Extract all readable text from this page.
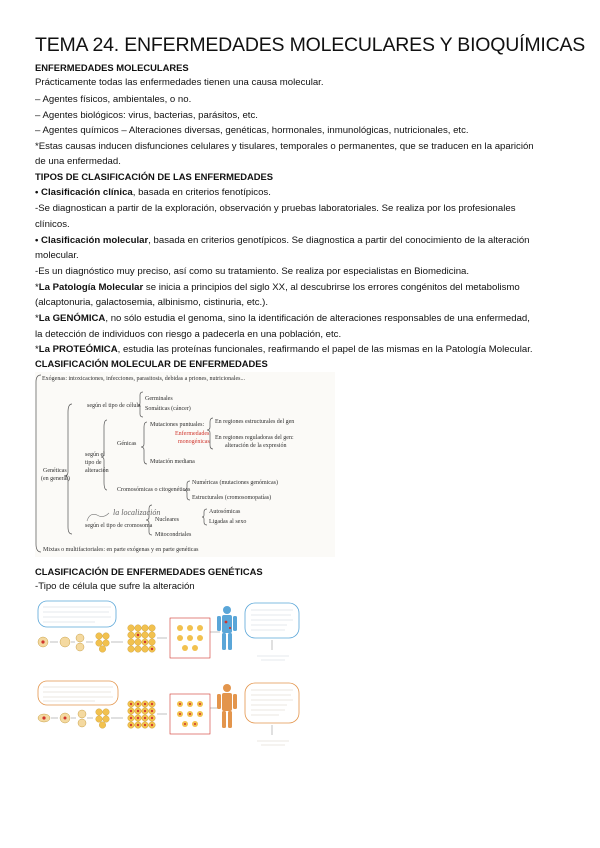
TEMA 24. ENFERMEDADES MOLECULARES Y BIOQUÍMICAS
ENFERMEDADES MOLECULARES
Prácticamente todas las enfermedades tienen una causa molecular.
– Agentes físicos, ambientales, o no.
– Agentes biológicos: virus, bacterias, parásitos, etc.
– Agentes químicos – Alteraciones diversas, genéticas, hormonales, inmunológicas, nutricionales, etc.
*Estas causas inducen disfunciones celulares y tisulares, temporales o permanentes, que se traducen en la aparición
de una enfermedad.
TIPOS DE CLASIFICACIÓN DE LAS ENFERMEDADES
• Clasificación clínica, basada en criterios fenotípicos.
-Se diagnostican a partir de la exploración, observación y pruebas laboratoriales. Se realiza por los profesionales
clínicos.
• Clasificación molecular, basada en criterios genotípicos. Se diagnostica a partir del conocimiento de la alteración
molecular.
-Es un diagnóstico muy preciso, así como su tratamiento. Se realiza por especialistas en Biomedicina.
*La Patología Molecular se inicia a principios del siglo XX, al descubrirse los errores congénitos del metabolismo
(alcaptonuria, galactosemia, albinismo, cistinuria, etc.).
*La GENÓMICA, no sólo estudia el genoma, sino la identificación de alteraciones responsables de una enfermedad,
la detección de individuos con riesgo a padecerla en una población, etc.
*La PROTEÓMICA, estudia las proteínas funcionales, reafirmando el papel de las mismas en la Patología Molecular.
CLASIFICACIÓN MOLECULAR DE ENFERMEDADES
Exógenas: intoxicaciones, infecciones, parasitosis, debidas a priones, nutricionales...
Genéticas
(en general)
según el tipo de célula
Germinales
Somáticas (cáncer)
según el
tipo de
alteración
Génicas
Mutaciones puntuales:
Enfermedades
monogénicas
En regiones estructurales del gen
En regiones reguladoras del gen:
alteración de la expresión
Mutación mediana
Cromosómicas o citogenéticas
Numéricas (mutaciones genómicas)
Estructurales (cromosomopatías)
la localización
según el tipo de cromosoma
Nucleares
Autosómicas
Ligadas al sexo
Mitocondriales
Mixtas o multifactoriales: en parte exógenas y en parte genéticas
CLASIFICACIÓN DE ENFERMEDADES GENÉTICAS
-Tipo de célula que sufre la alteración
